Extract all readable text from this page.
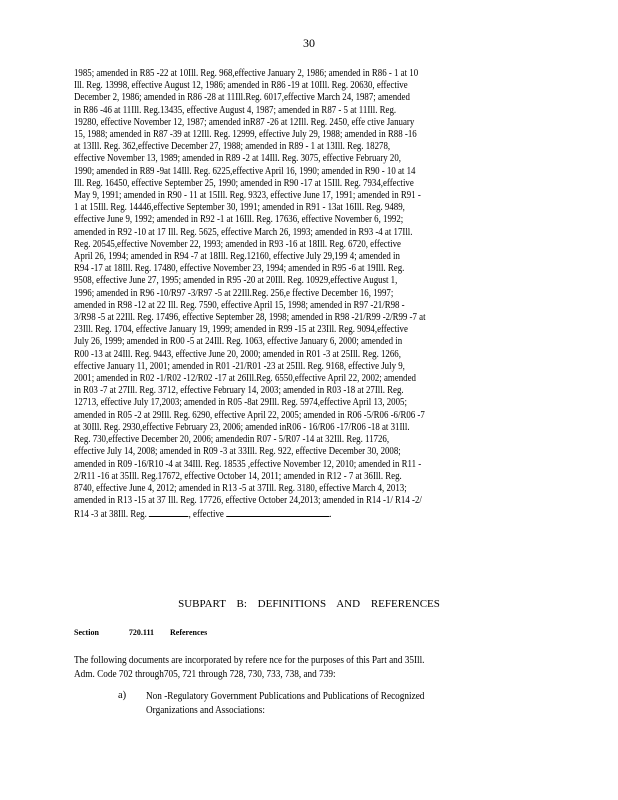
30
1985; amended in R85 -22 at 10Ill. Reg. 968,effective January 2, 1986; amended in R86 - 1 at 10
Ill. Reg. 13998, effective August 12, 1986; amended in R86 -19 at 10Ill. Reg. 20630, effective
December 2, 1986; amended in R86 -28 at 11Ill.Reg. 6017,effective March 24, 1987; amended
in R86 -46 at 11Ill. Reg.13435, effective August 4, 1987; amended in R87 - 5 at 11Ill. Reg.
19280, effective November 12, 1987; amended inR87 -26 at 12Ill. Reg. 2450, effe ctive January
15, 1988; amended in R87 -39 at 12Ill. Reg. 12999, effective July 29, 1988; amended in R88 -16
at 13Ill. Reg. 362,effective December 27, 1988; amended in R89 - 1 at 13Ill. Reg. 18278,
effective November 13, 1989; amended in R89 -2 at 14Ill. Reg. 3075, effective February 20,
1990; amended in R89 -9at 14Ill. Reg. 6225,effective April 16, 1990; amended in R90 - 10 at 14
Ill. Reg. 16450, effective September 25, 1990; amended in R90 -17 at 15Ill. Reg. 7934,effective
May 9, 1991; amended in R90 - 11 at 15Ill. Reg. 9323, effective June 17, 1991; amended in R91 -
1 at 15Ill. Reg. 14446,effective September 30, 1991; amended in R91 - 13at 16Ill. Reg. 9489,
effective June 9, 1992; amended in R92 -1 at 16Ill. Reg. 17636, effective November 6, 1992;
amended in R92 -10 at 17 Ill. Reg. 5625, effective March 26, 1993; amended in R93 -4 at 17Ill.
Reg. 20545,effective November 22, 1993; amended in R93 -16 at 18Ill. Reg. 6720, effective
April 26, 1994; amended in R94 -7 at 18Ill. Reg.12160, effective July 29,199 4; amended in
R94 -17 at 18Ill. Reg. 17480, effective November 23, 1994; amended in R95 -6 at 19Ill. Reg.
9508, effective June 27, 1995; amended in R95 -20 at 20Ill. Reg. 10929,effective August 1,
1996; amended in R96 -10/R97 -3/R97 -5 at 22Ill.Reg. 256,e ffective December 16, 1997;
amended in R98 -12 at 22 Ill. Reg. 7590, effective April 15, 1998; amended in R97 -21/R98 -
3/R98 -5 at 22Ill. Reg. 17496, effective September 28, 1998; amended in R98 -21/R99 -2/R99 -7 at
23Ill. Reg. 1704, effective January 19, 1999; amended in R99 -15 at 23Ill. Reg. 9094,effective
July 26, 1999; amended in R00 -5 at 24Ill. Reg. 1063, effective January 6, 2000; amended in
R00 -13 at 24Ill. Reg. 9443, effective June 20, 2000; amended in R01 -3 at 25Ill. Reg. 1266,
effective January 11, 2001; amended in R01 -21/R01 -23 at 25Ill. Reg. 9168, effective July 9,
2001; amended in R02 -1/R02 -12/R02 -17 at 26Ill.Reg. 6550,effective April 22, 2002; amended
in R03 -7 at 27Ill. Reg. 3712, effective February 14, 2003; amended in R03 -18 at 27Ill. Reg.
12713, effective July 17,2003; amended in R05 -8at 29Ill. Reg. 5974,effective April 13, 2005;
amended in R05 -2 at 29Ill. Reg. 6290, effective April 22, 2005; amended in R06 -5/R06 -6/R06 -7
at 30Ill. Reg. 2930,effective February 23, 2006; amended inR06 - 16/R06 -17/R06 -18 at 31Ill.
Reg. 730,effective December 20, 2006; amendedin R07 - 5/R07 -14 at 32Ill. Reg. 11726,
effective July 14, 2008; amended in R09 -3 at 33Ill. Reg. 922, effective December 30, 2008;
amended in R09 -16/R10 -4 at 34Ill. Reg. 18535 ,effective November 12, 2010; amended in R11 -
2/R11 -16 at 35Ill. Reg.17672, effective October 14, 2011; amended in R12 - 7 at 36Ill. Reg.
8740, effective June 4, 2012; amended in R13 -5 at 37Ill. Reg. 3180, effective March 4, 2013;
amended in R13 -15 at 37 Ill. Reg. 17726, effective October 24,2013; amended in R14 -1/ R14 -2/
R14 -3 at 38Ill. Reg.	, effective	.
SUBPART B: DEFINITIONS AND REFERENCES
Section	720.111 References
The following documents are incorporated by refere nce for the purposes of this Part and 35Ill.
Adm. Code 702 through705, 721 through 728, 730, 733, 738, and 739:
a) Non -Regulatory Government Publications and Publications of Recognized
Organizations and Associations:
